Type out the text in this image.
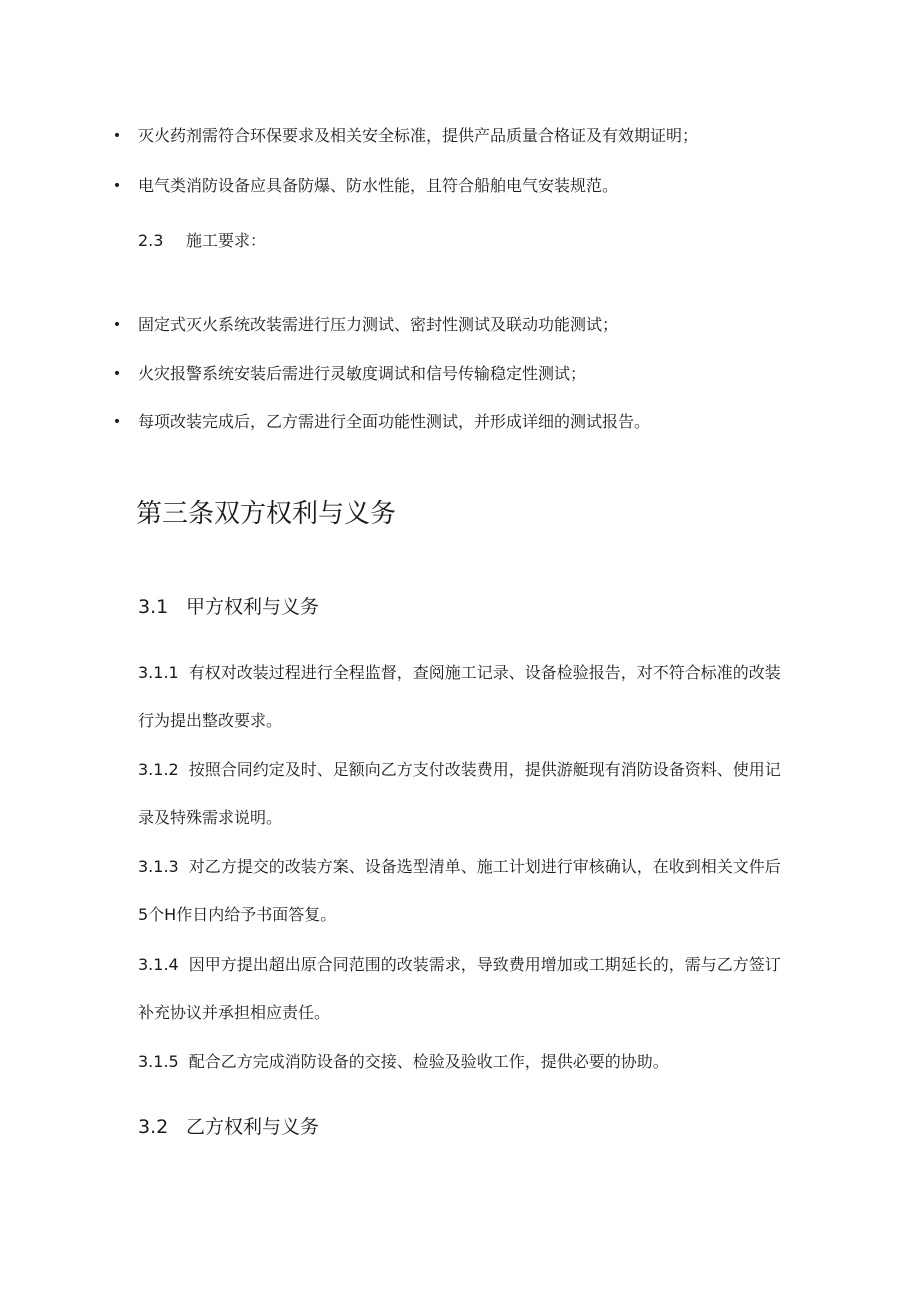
• 灭火药剂需符合环保要求及相关安全标准，提供产品质量合格证及有效期证明；
• 电气类消防设备应具备防爆、防水性能，且符合船舶电气安装规范。
2.3 施工要求：
• 固定式灭火系统改装需进行压力测试、密封性测试及联动功能测试；
• 火灾报警系统安装后需进行灵敏度调试和信号传输稳定性测试；
• 每项改装完成后，乙方需进行全面功能性测试，并形成详细的测试报告。
第三条双方权利与义务
3.1 甲方权利与义务
3.1.1 有权对改装过程进行全程监督，查阅施工记录、设备检验报告，对不符合标准的改装行为提出整改要求。
3.1.2 按照合同约定及时、足额向乙方支付改装费用，提供游艇现有消防设备资料、使用记录及特殊需求说明。
3.1.3 对乙方提交的改装方案、设备选型清单、施工计划进行审核确认，在收到相关文件后5个H作日内给予书面答复。
3.1.4 因甲方提出超出原合同范围的改装需求，导致费用增加或工期延长的，需与乙方签订补充协议并承担相应责任。
3.1.5 配合乙方完成消防设备的交接、检验及验收工作，提供必要的协助。
3.2 乙方权利与义务
